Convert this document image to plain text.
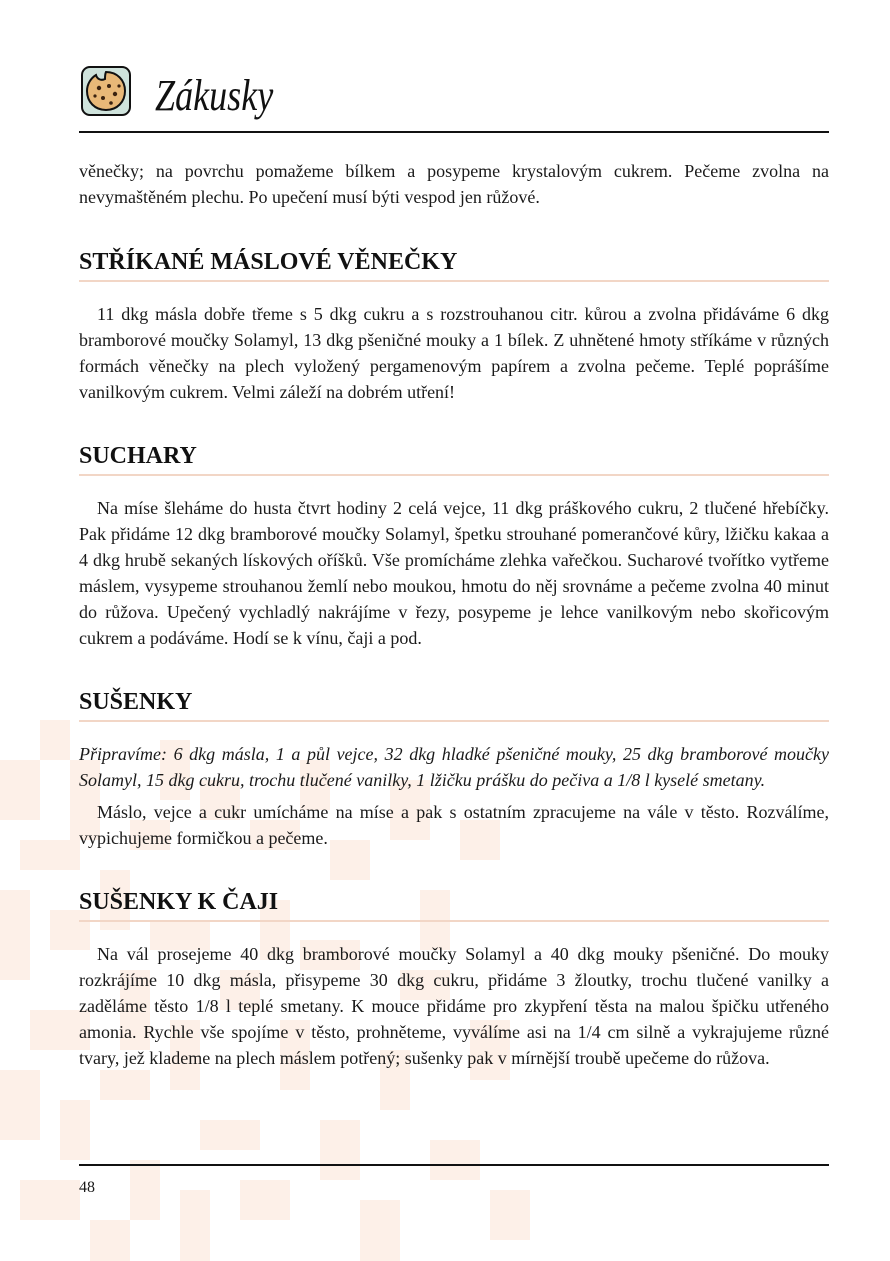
Zákusky

věnečky; na povrchu pomažeme bílkem a posypeme krystalovým cukrem. Pečeme zvolna na nevymaštěném plechu. Po upečení musí býti vespod jen růžové.

STŘÍKANÉ MÁSLOVÉ VĚNEČKY

11 dkg másla dobře třeme s 5 dkg cukru a s rozstrouhanou citr. kůrou a zvolna přidáváme 6 dkg bramborové moučky Solamyl, 13 dkg pšeničné mouky a 1 bílek. Z uhnětené hmoty stříkáme v různých formách věnečky na plech vyložený pergamenovým papírem a zvolna pečeme. Teplé poprášíme vanilkovým cukrem. Velmi záleží na dobrém utření!

SUCHARY

Na míse šleháme do husta čtvrt hodiny 2 celá vejce, 11 dkg práškového cukru, 2 tlučené hřebíčky. Pak přidáme 12 dkg bramborové moučky Solamyl, špetku strouhané pomerančové kůry, lžičku kakaa a 4 dkg hrubě sekaných lískových oříšků. Vše promícháme zlehka vařečkou. Sucharové tvořítko vytřeme máslem, vysypeme strouhanou žemlí nebo moukou, hmotu do něj srovnáme a pečeme zvolna 40 minut do růžova. Upečený vychladlý nakrájíme v řezy, posypeme je lehce vanilkovým nebo skořicovým cukrem a podáváme. Hodí se k vínu, čaji a pod.

SUŠENKY

Připravíme: 6 dkg másla, 1 a půl vejce, 32 dkg hladké pšeničné mouky, 25 dkg bramborové moučky Solamyl, 15 dkg cukru, trochu tlučené vanilky, 1 lžičku prášku do pečiva a 1/8 l kyselé smetany.

Máslo, vejce a cukr umícháme na míse a pak s ostatním zpracujeme na vále v těsto. Rozválíme, vypichujeme formičkou a pečeme.

SUŠENKY K ČAJI

Na vál prosejeme 40 dkg bramborové moučky Solamyl a 40 dkg mouky pšeničné. Do mouky rozkrájíme 10 dkg másla, přisypeme 30 dkg cukru, přidáme 3 žloutky, trochu tlučené vanilky a zaděláme těsto 1/8 l teplé smetany. K mouce přidáme pro zkypření těsta na malou špičku utřeného amonia. Rychle vše spojíme v těsto, prohněteme, vyválíme asi na 1/4 cm silně a vykrajujeme různé tvary, jež klademe na plech máslem potřený; sušenky pak v mírnější troubě upečeme do růžova.

48
